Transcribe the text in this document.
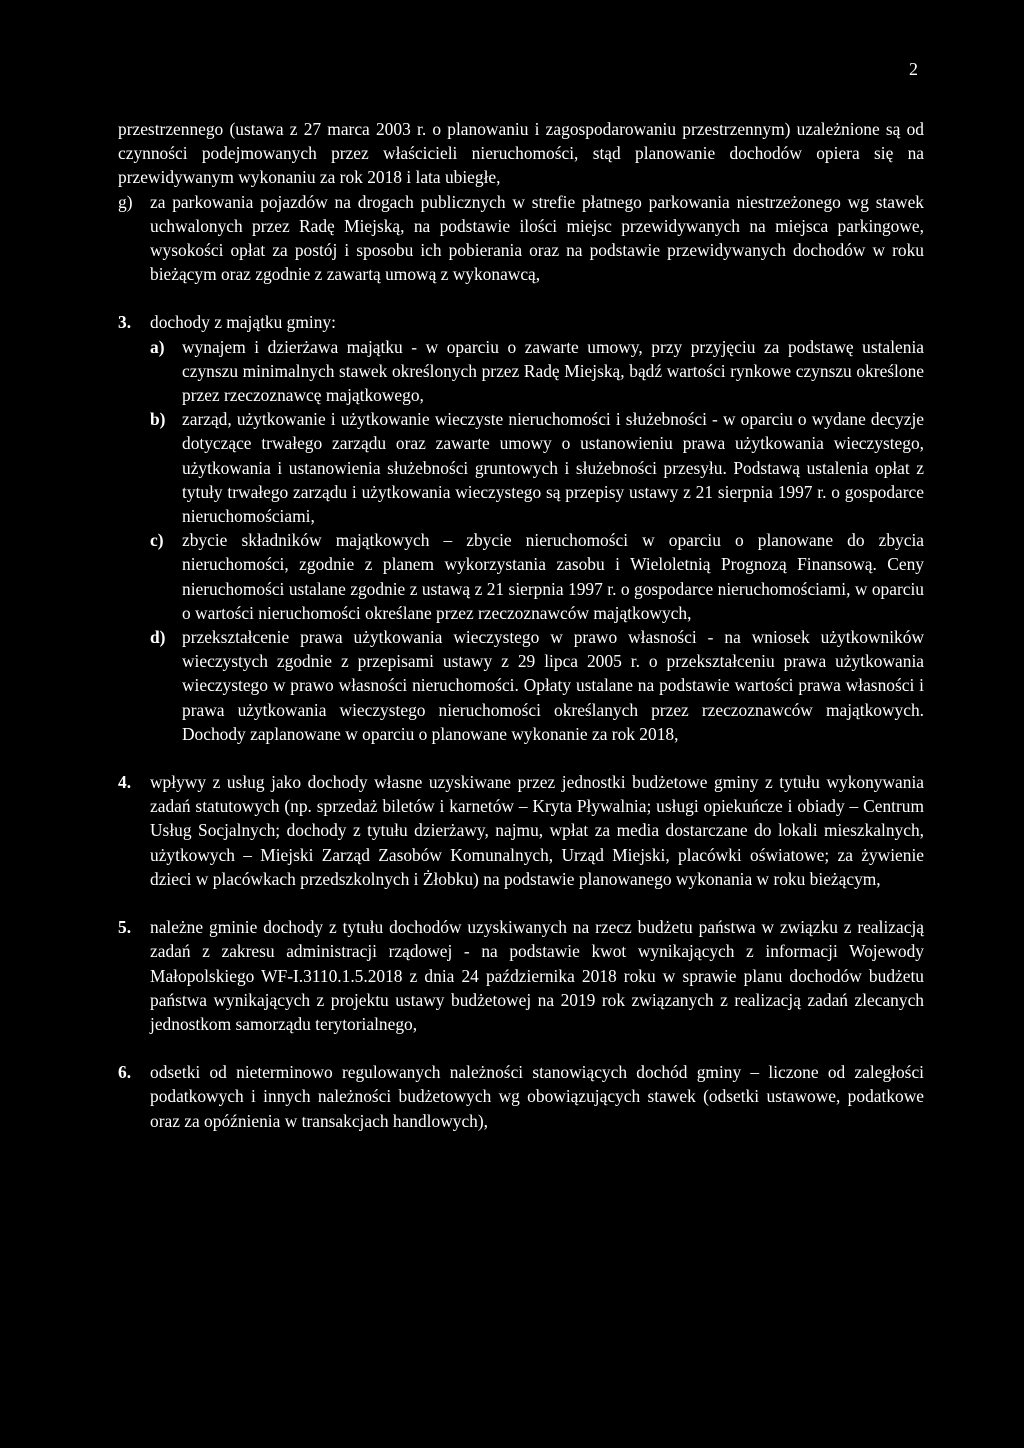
2

przestrzennego (ustawa z 27 marca 2003 r. o planowaniu i zagospodarowaniu przestrzennym) uzależnione są od czynności podejmowanych przez właścicieli nieruchomości, stąd planowanie dochodów opiera się na przewidywanym wykonaniu za rok 2018 i lata ubiegłe,

g)	za parkowania pojazdów na drogach publicznych w strefie płatnego parkowania niestrzeżonego wg stawek uchwalonych przez Radę Miejską, na podstawie ilości miejsc przewidywanych na miejsca parkingowe, wysokości opłat za postój i sposobu ich pobierania oraz na podstawie przewidywanych dochodów w roku bieżącym oraz zgodnie z zawartą umową z wykonawcą,
3.	dochody z majątku gminy:
a)	wynajem i dzierżawa majątku - w oparciu o zawarte umowy, przy przyjęciu za podstawę ustalenia czynszu minimalnych stawek określonych przez Radę Miejską, bądź wartości rynkowe czynszu określone przez rzeczoznawcę majątkowego,
b) zarząd, użytkowanie i użytkowanie wieczyste nieruchomości i służebności - w oparciu o wydane decyzje dotyczące trwałego zarządu oraz zawarte umowy o ustanowieniu prawa użytkowania wieczystego, użytkowania i ustanowienia służebności gruntowych i służebności przesyłu. Podstawą ustalenia opłat z tytuły trwałego zarządu i użytkowania wieczystego są przepisy ustawy z 21 sierpnia 1997 r. o gospodarce nieruchomościami,
c)	zbycie składników majątkowych – zbycie nieruchomości w oparciu o planowane do zbycia nieruchomości, zgodnie z planem wykorzystania zasobu i Wieloletnią Prognozą Finansową. Ceny nieruchomości ustalane zgodnie z ustawą z 21 sierpnia 1997 r. o gospodarce nieruchomościami, w oparciu o wartości nieruchomości określane przez rzeczoznawców majątkowych,
d) przekształcenie prawa użytkowania wieczystego w prawo własności - na wniosek użytkowników wieczystych zgodnie z przepisami ustawy z 29 lipca 2005 r. o przekształceniu prawa użytkowania wieczystego w prawo własności nieruchomości. Opłaty ustalane na podstawie wartości prawa własności i prawa użytkowania wieczystego nieruchomości określanych przez rzeczoznawców majątkowych. Dochody zaplanowane w oparciu o planowane wykonanie za rok 2018,
4.	wpływy z usług jako dochody własne uzyskiwane przez jednostki budżetowe gminy z tytułu wykonywania zadań statutowych (np. sprzedaż biletów i karnetów – Kryta Pływalnia; usługi opiekuńcze i obiady – Centrum Usług Socjalnych; dochody z tytułu dzierżawy, najmu, wpłat za media dostarczane do lokali mieszkalnych, użytkowych – Miejski Zarząd Zasobów Komunalnych, Urząd Miejski, placówki oświatowe; za żywienie dzieci w placówkach przedszkolnych i Żłobku) na podstawie planowanego wykonania w roku bieżącym,
5.	należne gminie dochody z tytułu dochodów uzyskiwanych na rzecz budżetu państwa w związku z realizacją zadań z zakresu administracji rządowej - na podstawie kwot wynikających z informacji Wojewody Małopolskiego WF-I.3110.1.5.2018 z dnia 24 października 2018 roku w sprawie planu dochodów budżetu państwa wynikających z projektu ustawy budżetowej na 2019 rok związanych z realizacją zadań zlecanych jednostkom samorządu terytorialnego,
6.	odsetki od nieterminowo regulowanych należności stanowiących dochód gminy – liczone od zaległości podatkowych i innych należności budżetowych wg obowiązujących stawek (odsetki ustawowe, podatkowe oraz za opóźnienia w transakcjach handlowych),
